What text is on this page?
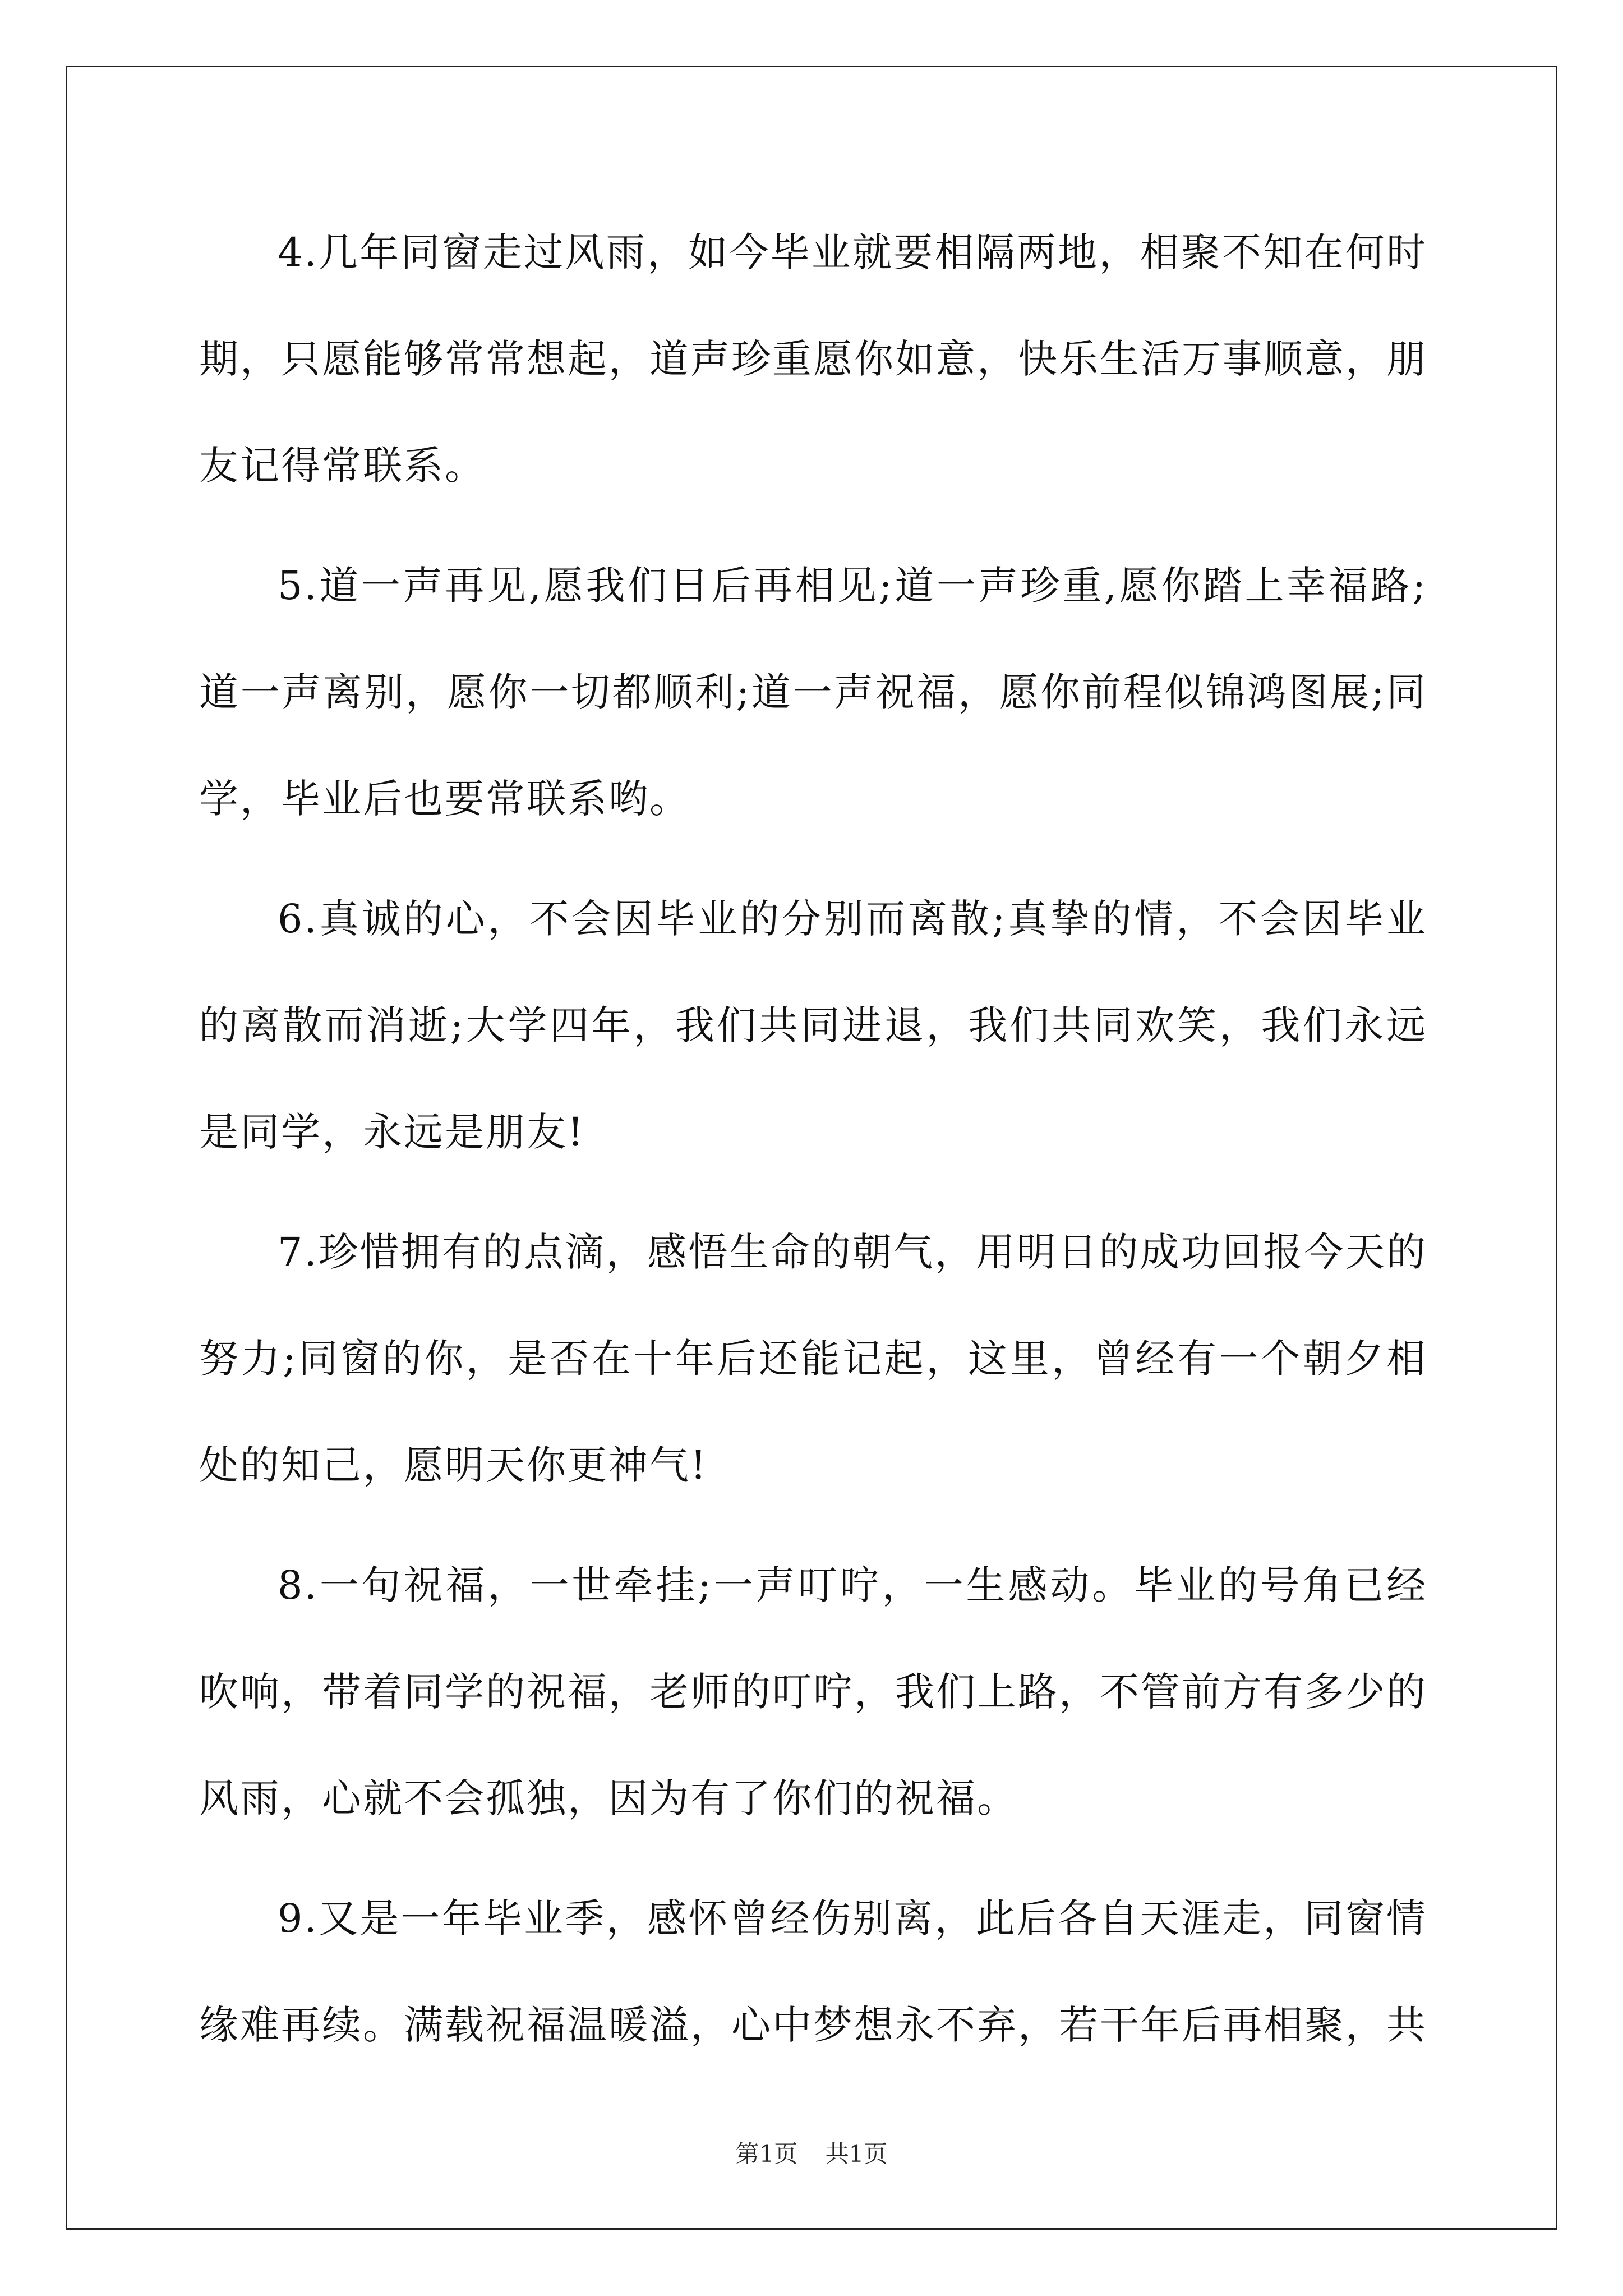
4.几年同窗走过风雨，如今毕业就要相隔两地，相聚不知在何时期，只愿能够常常想起，道声珍重愿你如意，快乐生活万事顺意，朋友记得常联系。

5.道一声再见,愿我们日后再相见;道一声珍重,愿你踏上幸福路;道一声离别，愿你一切都顺利;道一声祝福，愿你前程似锦鸿图展;同学，毕业后也要常联系哟。

6.真诚的心，不会因毕业的分别而离散;真挚的情，不会因毕业的离散而消逝;大学四年，我们共同进退，我们共同欢笑，我们永远是同学，永远是朋友!

7.珍惜拥有的点滴，感悟生命的朝气，用明日的成功回报今天的努力;同窗的你，是否在十年后还能记起，这里，曾经有一个朝夕相处的知己，愿明天你更神气!

8.一句祝福，一世牵挂;一声叮咛，一生感动。毕业的号角已经吹响，带着同学的祝福，老师的叮咛，我们上路，不管前方有多少的风雨，心就不会孤独，因为有了你们的祝福。

9.又是一年毕业季，感怀曾经伤别离，此后各自天涯走，同窗情缘难再续。满载祝福温暖溢，心中梦想永不弃，若干年后再相聚，共

第1页 共1页
